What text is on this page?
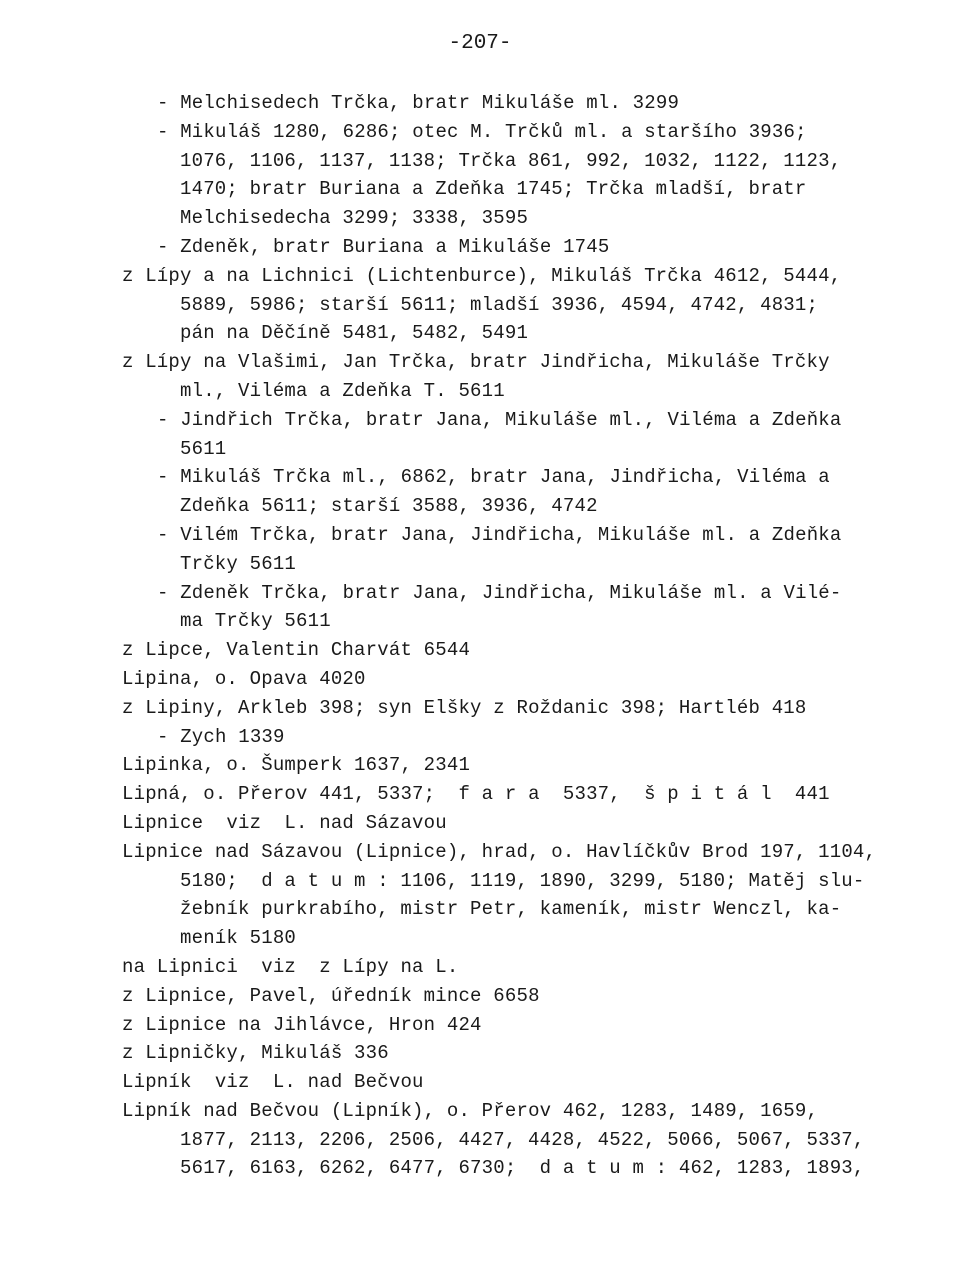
-207-
- Melchisedech Trčka, bratr Mikuláše ml. 3299
- Mikuláš 1280, 6286; otec M. Trčků ml. a staršího 3936;
1076, 1106, 1137, 1138; Trčka 861, 992, 1032, 1122, 1123,
1470; bratr Buriana a Zdeňka 1745; Trčka mladší, bratr
Melchisedecha 3299; 3338, 3595
- Zdeněk, bratr Buriana a Mikuláše 1745
z Lípy a na Lichnici (Lichtenburce), Mikuláš Trčka 4612, 5444,
5889, 5986; starší 5611; mladší 3936, 4594, 4742, 4831;
pán na Děčíně 5481, 5482, 5491
z Lípy na Vlašimi, Jan Trčka, bratr Jindřicha, Mikuláše Trčky
ml., Viléma a Zdeňka T. 5611
- Jindřich Trčka, bratr Jana, Mikuláše ml., Viléma a Zdeňka
5611
- Mikuláš Trčka ml., 6862, bratr Jana, Jindřicha, Viléma a
Zdeňka 5611; starší 3588, 3936, 4742
- Vilém Trčka, bratr Jana, Jindřicha, Mikuláše ml. a Zdeňka
Trčky 5611
- Zdeněk Trčka, bratr Jana, Jindřicha, Mikuláše ml. a Vilé-
ma Trčky 5611
z Lipce, Valentin Charvát 6544
Lipina, o. Opava 4020
z Lipiny, Arkleb 398; syn Elšky z Roždanic 398; Hartléb 418
- Zych 1339
Lipinka, o. Šumperk 1637, 2341
Lipná, o. Přerov 441, 5337;  f a r a  5337,  š p i t á l  441
Lipnice  viz  L. nad Sázavou
Lipnice nad Sázavou (Lipnice), hrad, o. Havlíčkův Brod 197, 1104,
5180;  d a t u m : 1106, 1119, 1890, 3299, 5180; Matěj slu-
žebník purkrabího, mistr Petr, kameník, mistr Wenczl, ka-
meník 5180
na Lipnici  viz  z Lípy na L.
z Lipnice, Pavel, úředník mince 6658
z Lipnice na Jihlávce, Hron 424
z Lipničky, Mikuláš 336
Lipník  viz  L. nad Bečvou
Lipník nad Bečvou (Lipník), o. Přerov 462, 1283, 1489, 1659,
1877, 2113, 2206, 2506, 4427, 4428, 4522, 5066, 5067, 5337,
5617, 6163, 6262, 6477, 6730;  d a t u m : 462, 1283, 1893,
